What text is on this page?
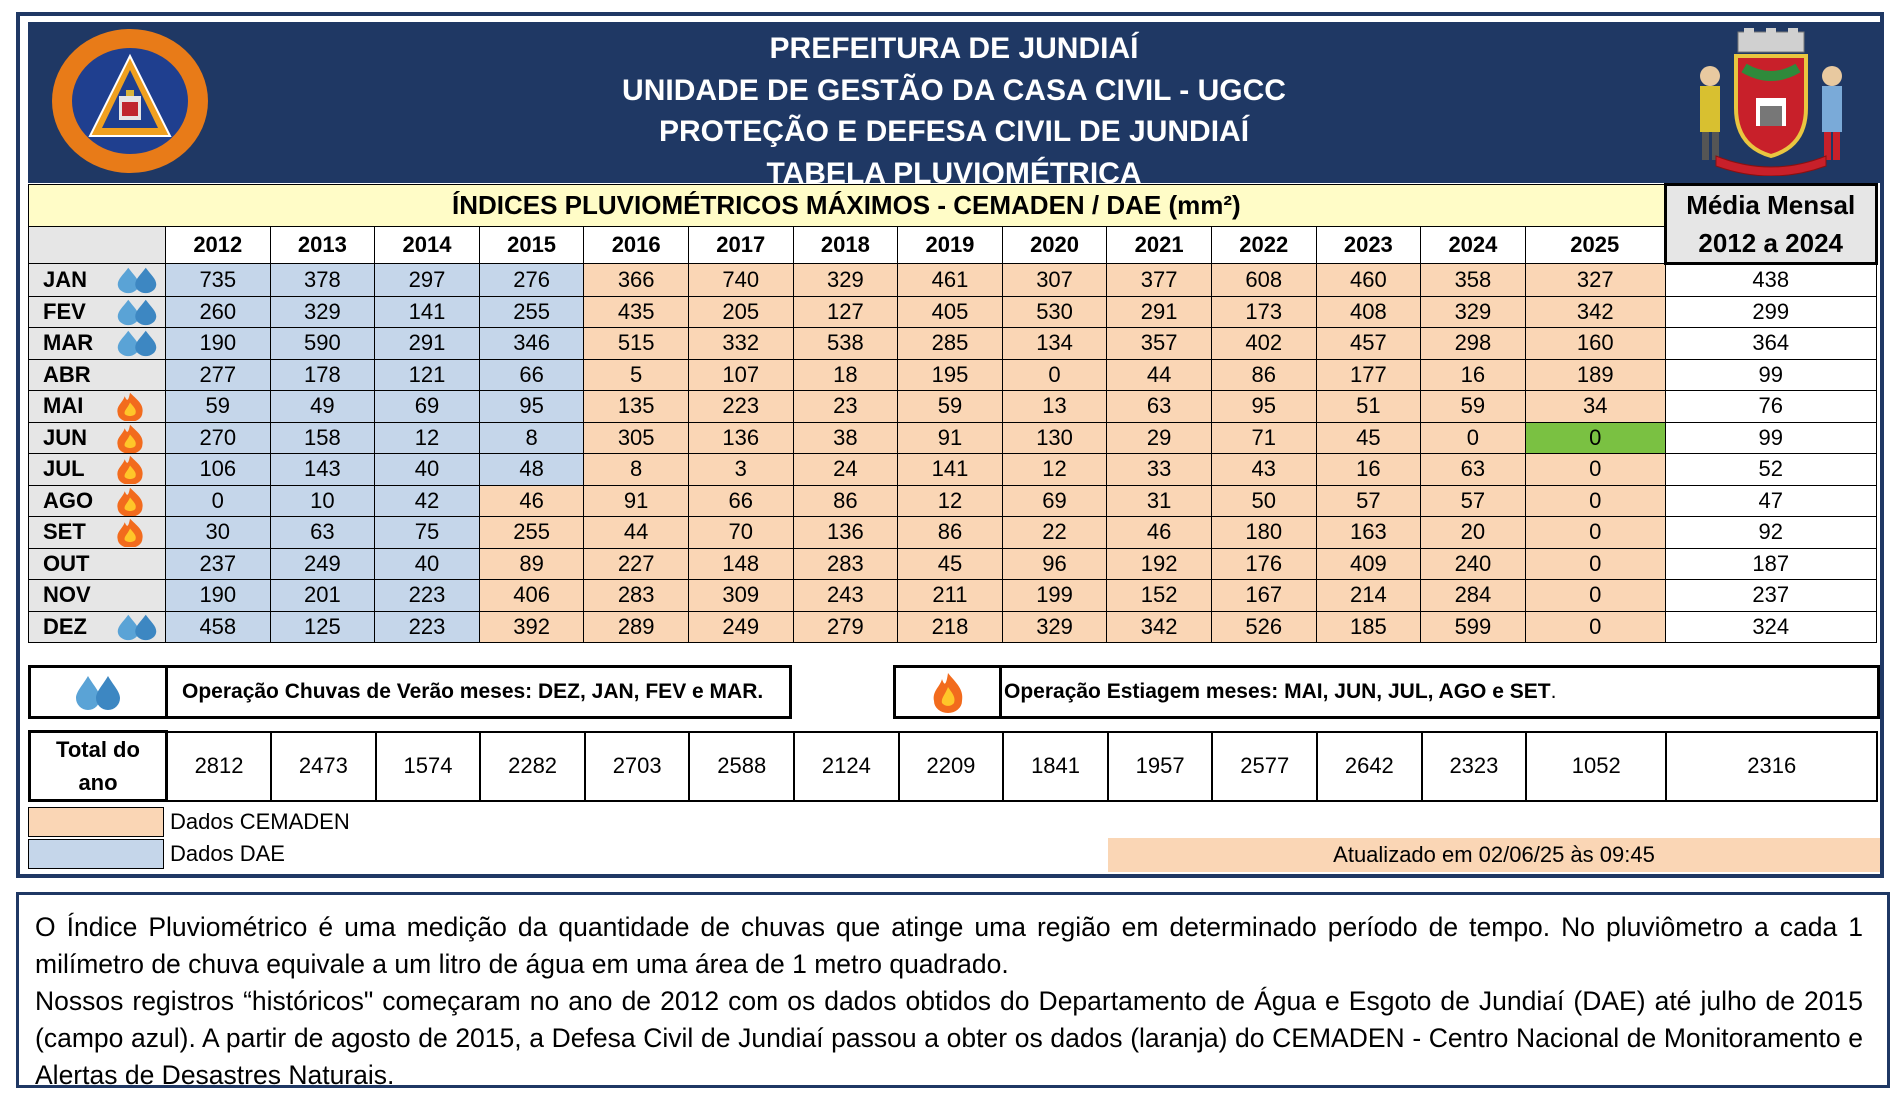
PREFEITURA DE JUNDIAÍ
UNIDADE DE GESTÃO DA CASA CIVIL - UGCC
PROTEÇÃO E DEFESA CIVIL DE JUNDIAÍ
TABELA PLUVIOMÉTRICA
ÍNDICES PLUVIOMÉTRICOS MÁXIMOS - CEMADEN / DAE (mm²)															Média Mensal
2012 a 2024

	2012	2013	2014	2015	2016	2017	2018	2019	2020	2021	2022	2023	2024	2025	

JAN	735	378	297	276	366	740	329	461	307	377	608	460	358	327	438

FEV	260	329	141	255	435	205	127	405	530	291	173	408	329	342	299

MAR	190	590	291	346	515	332	538	285	134	357	402	457	298	160	364

ABR	277	178	121	66	5	107	18	195	0	44	86	177	16	189	99

MAI	59	49	69	95	135	223	23	59	13	63	95	51	59	34	76

JUN	270	158	12	8	305	136	38	91	130	29	71	45	0	0	99

JUL	106	143	40	48	8	3	24	141	12	33	43	16	63	0	52

AGO	0	10	42	46	91	66	86	12	69	31	50	57	57	0	47

SET	30	63	75	255	44	70	136	86	22	46	180	163	20	0	92

OUT	237	249	40	89	227	148	283	45	96	192	176	409	240	0	187

NOV	190	201	223	406	283	309	243	211	199	152	167	214	284	0	237

DEZ	458	125	223	392	289	249	279	218	329	342	526	185	599	0	324
Operação Chuvas de Verão meses: DEZ, JAN, FEV e MAR.	Operação Estiagem meses: MAI, JUN, JUL, AGO e SET .
Total do
ano
	2812	2473	1574	2282	2703	2588	2124	2209	1841	1957	2577	2642	2323	1052	2316
Dados CEMADEN
Dados DAE	Atualizado em 02/06/25 às 09:45

O Índice Pluviométrico é uma medição da quantidade de chuvas que atinge uma região em determinado período de tempo. No pluviômetro a cada 1 milímetro de chuva equivale a um litro de água em uma área de 1 metro quadrado.

Nossos registros “históricos" começaram no ano de 2012 com os dados obtidos do Departamento de Água e Esgoto de Jundiaí (DAE) até julho de 2015 (campo azul). A partir de agosto de 2015, a Defesa Civil de Jundiaí passou a obter os dados (laranja) do CEMADEN - Centro Nacional de Monitoramento e Alertas de Desastres Naturais.
